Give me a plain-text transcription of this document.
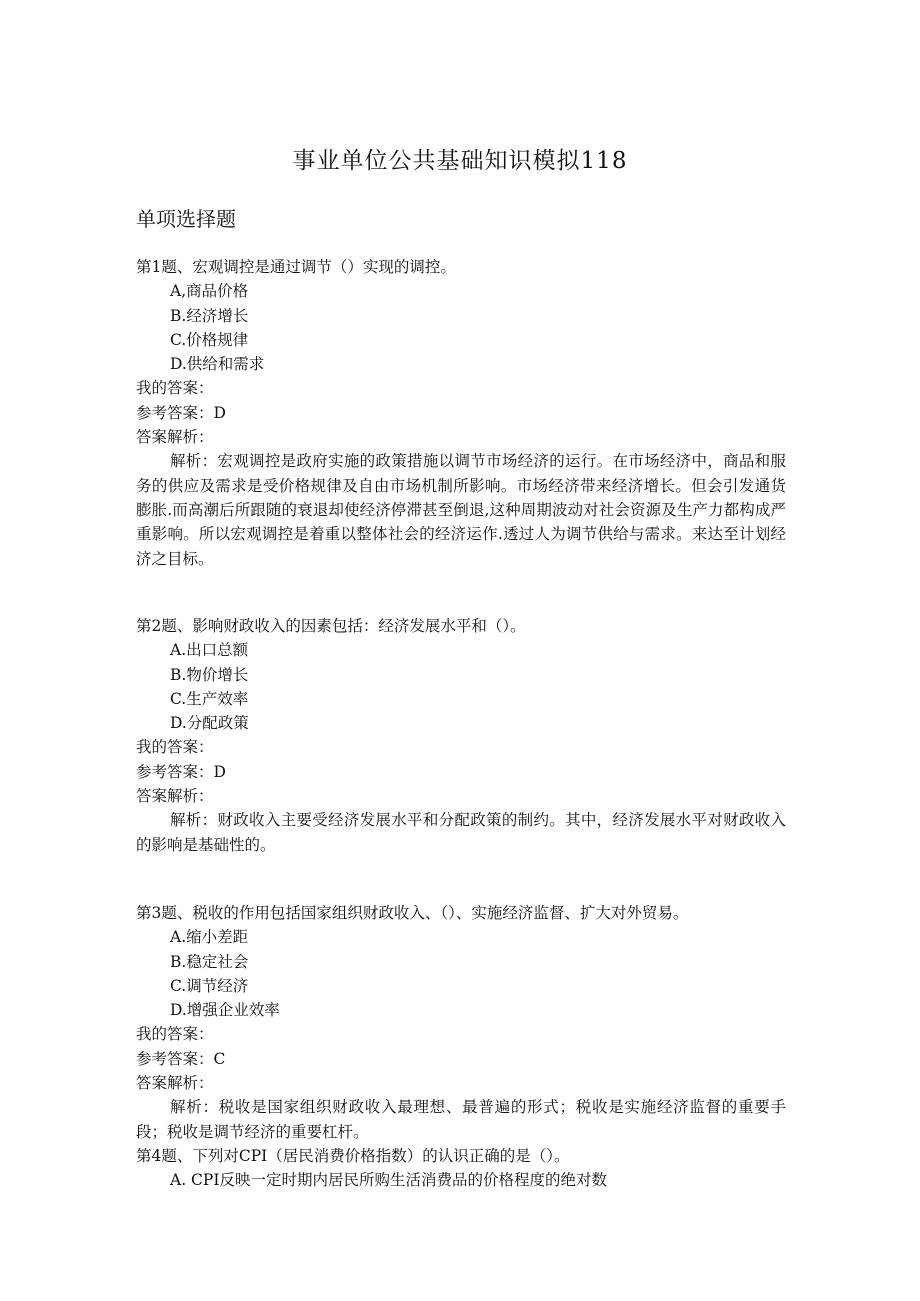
事业单位公共基础知识模拟118
单项选择题
第1题、宏观调控是通过调节（）实现的调控。
A,商品价格
B.经济增长
C.价格规律
D.供给和需求
我的答案：
参考答案：D
答案解析：
解析：宏观调控是政府实施的政策措施以调节市场经济的运行。在市场经济中，商品和服务的供应及需求是受价格规律及自由市场机制所影响。市场经济带来经济增长。但会引发通货膨胀.而高潮后所跟随的衰退却使经济停滞甚至倒退,这种周期波动对社会资源及生产力都构成严重影响。所以宏观调控是着重以整体社会的经济运作.透过人为调节供给与需求。来达至计划经济之目标。
第2题、影响财政收入的因素包括：经济发展水平和（）。
A.出口总额
B.物价增长
C.生产效率
D.分配政策
我的答案：
参考答案：D
答案解析：
解析：财政收入主要受经济发展水平和分配政策的制约。其中，经济发展水平对财政收入的影响是基础性的。
第3题、税收的作用包括国家组织财政收入、（）、实施经济监督、扩大对外贸易。
A.缩小差距
B.稳定社会
C.调节经济
D.增强企业效率
我的答案：
参考答案：C
答案解析：
解析：税收是国家组织财政收入最理想、最普遍的形式；税收是实施经济监督的重要手段；税收是调节经济的重要杠杆。
第4题、下列对CPI（居民消费价格指数）的认识正确的是（）。
A. CPI反映一定时期内居民所购生活消费品的价格程度的绝对数
